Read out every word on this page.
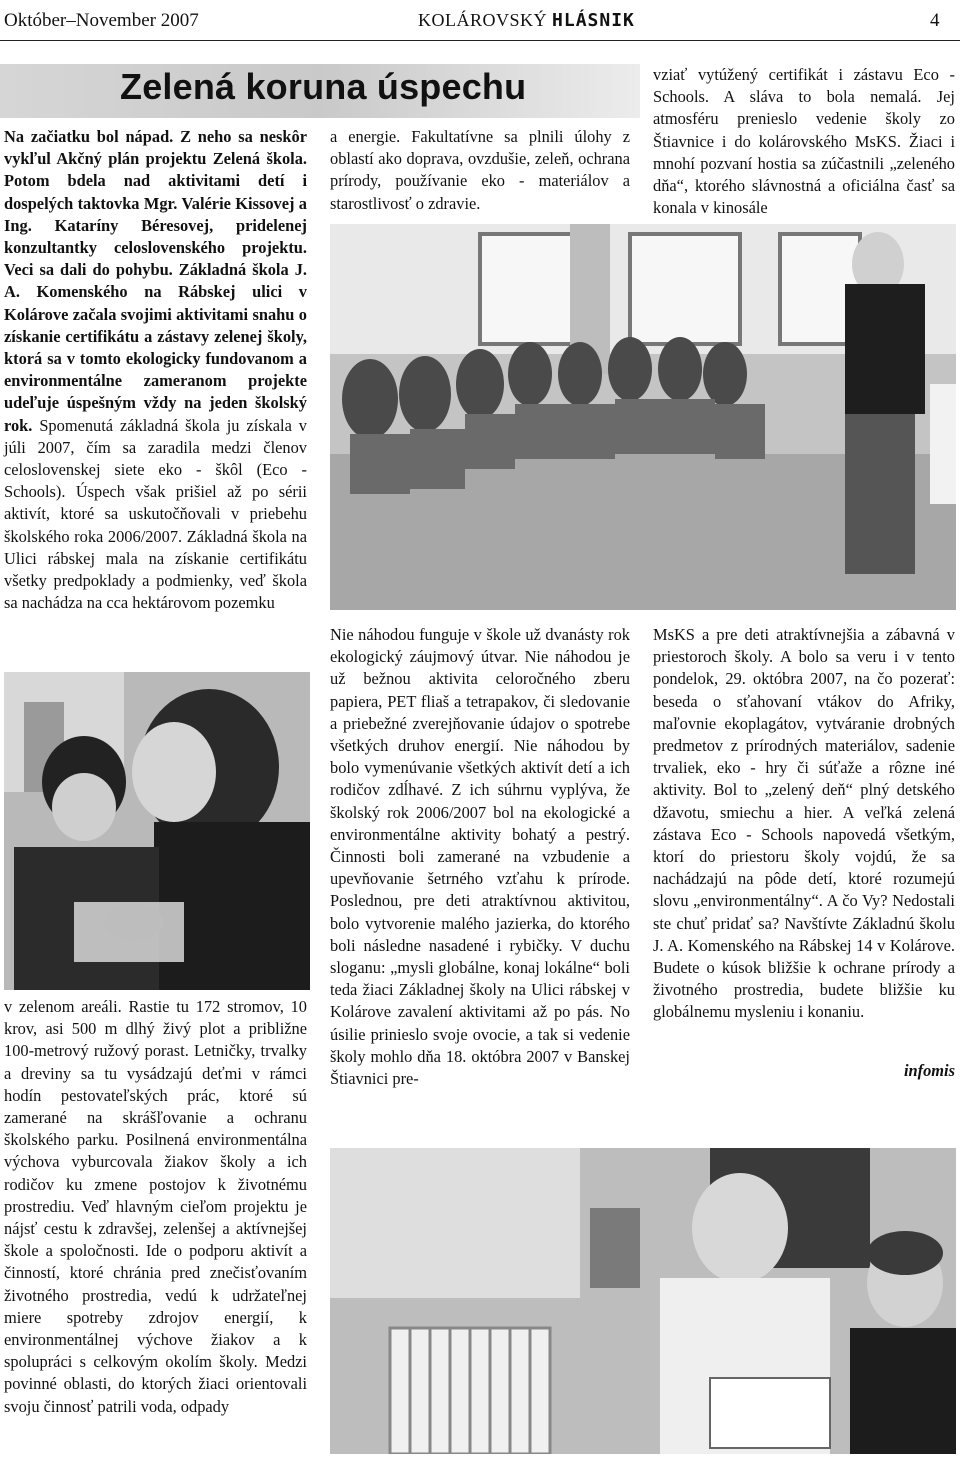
Október–November 2007	KOLÁROVSKÝ HLÁSNIK	4
Zelená koruna úspechu
Na začiatku bol nápad. Z neho sa neskôr vykľul Akčný plán projektu Zelená škola. Potom bdela nad aktivitami detí i dospelých taktovka Mgr. Valérie Kissovej a Ing. Kataríny Béresovej, pridelenej konzultantky celoslovenského projektu. Veci sa dali do pohybu. Základná škola J. A. Komenského na Rábskej ulici v Kolárove začala svojimi aktivitami snahu o získanie certifikátu a zástavy zelenej školy, ktorá sa v tomto ekologicky fundovanom a environmentálne zameranom projekte udeľuje úspešným vždy na jeden školský rok. Spomenutá základná škola ju získala v júli 2007, čím sa zaradila medzi členov celoslovenskej siete eko - škôl (Eco - Schools). Úspech však prišiel až po sérii aktivít, ktoré sa uskutočňovali v priebehu školského roka 2006/2007. Základná škola na Ulici rábskej mala na získanie certifikátu všetky predpoklady a podmienky, veď škola sa nachádza na cca hektárovom pozemku
v zelenom areáli. Rastie tu 172 stromov, 10 krov, asi 500 m dlhý živý plot a približne 100-metrový ružový porast. Letničky, trvalky a dreviny sa tu vysádzajú deťmi v rámci hodín pestovateľských prác, ktoré sú zamerané na skrášľovanie a ochranu školského parku. Posilnená environmentálna výchova vyburcovala žiakov školy a ich rodičov ku zmene postojov k životnému prostrediu. Veď hlavným cieľom projektu je nájsť cestu k zdravšej, zelenšej a aktívnejšej škole a spoločnosti. Ide o podporu aktivít a činností, ktoré chránia pred znečisťovaním životného prostredia, vedú k udržateľnej miere spotreby zdrojov energií, k environmentálnej výchove žiakov a k spolupráci s celkovým okolím školy. Medzi povinné oblasti, do ktorých žiaci orientovali svoju činnosť patrili voda, odpady
a energie. Fakultatívne sa plnili úlohy z oblastí ako doprava, ovzdušie, zeleň, ochrana prírody, používanie eko - materiálov a starostlivosť o zdravie.
vziať vytúžený certifikát i zástavu Eco - Schools. A sláva to bola nemalá. Jej atmosféru prenieslo vedenie školy zo Štiavnice i do kolárovského MsKS. Žiaci i mnohí pozvaní hostia sa zúčastnili „zeleného dňa“, ktorého slávnostná a oficiálna časť sa konala v kinosále
Nie náhodou funguje v škole už dvanásty rok ekologický záujmový útvar. Nie náhodou je už bežnou aktivita celoročného zberu papiera, PET fliaš a tetrapakov, či sledovanie a priebežné zverejňovanie údajov o spotrebe všetkých druhov energií. Nie náhodou by bolo vymenúvanie všetkých aktivít detí a ich rodičov zdĺhavé. Z ich súhrnu vyplýva, že školský rok 2006/2007 bol na ekologické a environmentálne aktivity bohatý a pestrý. Činnosti boli zamerané na vzbudenie a upevňovanie šetrného vzťahu k prírode. Poslednou, pre deti atraktívnou aktivitou, bolo vytvorenie malého jazierka, do ktorého boli následne nasadené i rybičky. V duchu sloganu: „mysli globálne, konaj lokálne“ boli teda žiaci Základnej školy na Ulici rábskej v Kolárove zavalení aktivitami až po pás. No úsilie prinieslo svoje ovocie, a tak si vedenie školy mohlo dňa 18. októbra 2007 v Banskej Štiavnici pre-
MsKS a pre deti atraktívnejšia a zábavná v priestoroch školy. A bolo sa veru i v tento pondelok, 29. októbra 2007, na čo pozerať: beseda o sťahovaní vtákov do Afriky, maľovnie ekoplagátov, vytváranie drobných predmetov z prírodných materiálov, sadenie trvaliek, eko - hry či súťaže a rôzne iné aktivity. Bol to „zelený deň“ plný detského džavotu, smiechu a hier. A veľká zelená zástava Eco - Schools napovedá všetkým, ktorí do priestoru školy vojdú, že sa nachádzajú na pôde detí, ktoré rozumejú slovu „environmentálny“. A čo Vy? Nedostali ste chuť pridať sa? Navštívte Základnú školu J. A. Komenského na Rábskej 14 v Kolárove. Budete o kúsok bližšie k ochrane prírody a životného prostredia, budete bližšie ku globálnemu mysleniu i konaniu.
infomis
